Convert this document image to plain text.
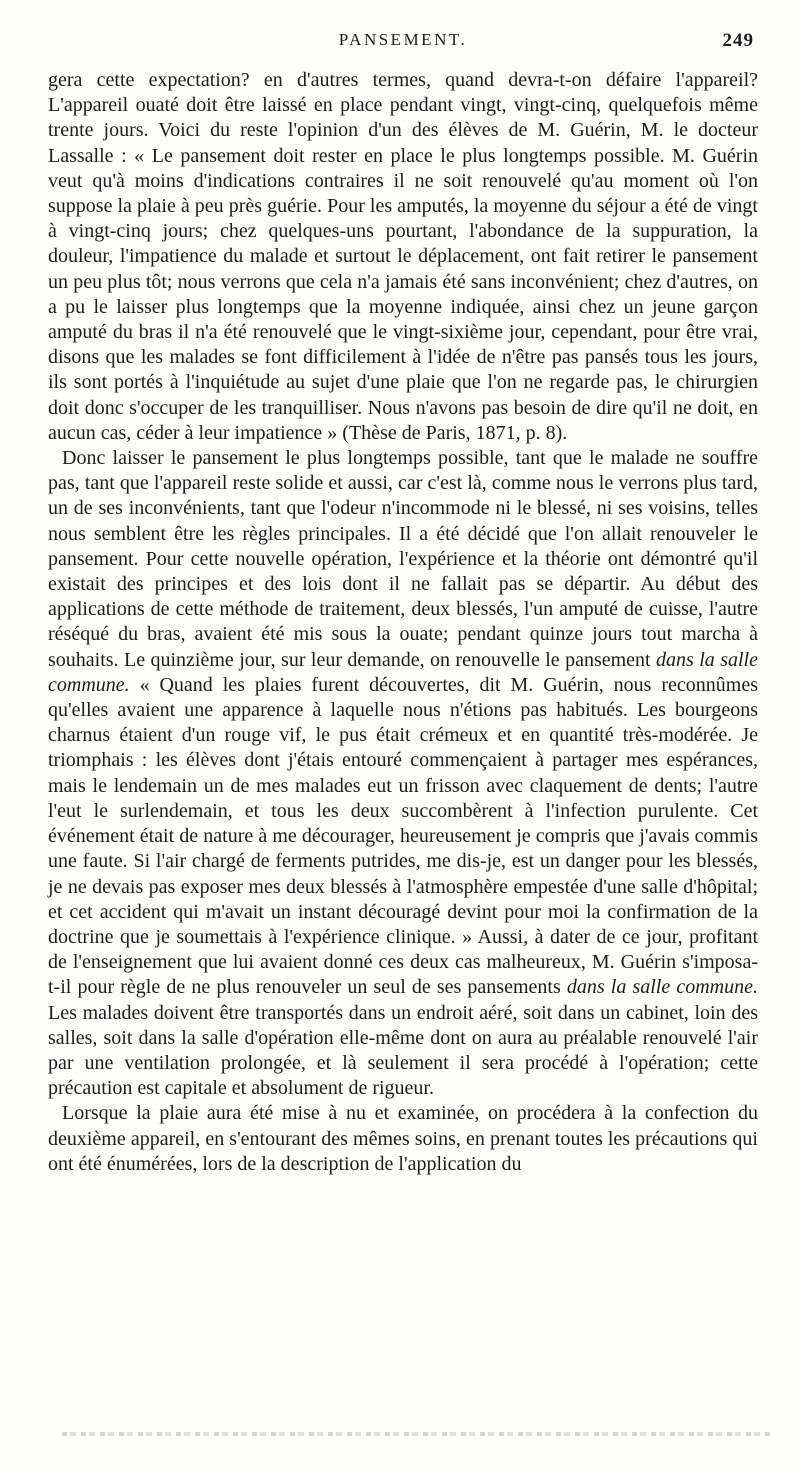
PANSEMENT.	249

gera cette expectation? en d'autres termes, quand devra-t-on défaire l'appareil? L'appareil ouaté doit être laissé en place pendant vingt, vingt-cinq, quelquefois même trente jours. Voici du reste l'opinion d'un des élèves de M. Guérin, M. le docteur Lassalle : « Le pansement doit rester en place le plus longtemps possible. M. Guérin veut qu'à moins d'indications contraires il ne soit renouvelé qu'au moment où l'on suppose la plaie à peu près guérie. Pour les amputés, la moyenne du séjour a été de vingt à vingt-cinq jours; chez quelques-uns pourtant, l'abondance de la suppuration, la douleur, l'impatience du malade et surtout le déplacement, ont fait retirer le pansement un peu plus tôt; nous verrons que cela n'a jamais été sans inconvénient; chez d'autres, on a pu le laisser plus longtemps que la moyenne indiquée, ainsi chez un jeune garçon amputé du bras il n'a été renouvelé que le vingt-sixième jour, cependant, pour être vrai, disons que les malades se font difficilement à l'idée de n'être pas pansés tous les jours, ils sont portés à l'inquiétude au sujet d'une plaie que l'on ne regarde pas, le chirurgien doit donc s'occuper de les tranquilliser. Nous n'avons pas besoin de dire qu'il ne doit, en aucun cas, céder à leur impatience » (Thèse de Paris, 1871, p. 8).

Donc laisser le pansement le plus longtemps possible, tant que le malade ne souffre pas, tant que l'appareil reste solide et aussi, car c'est là, comme nous le verrons plus tard, un de ses inconvénients, tant que l'odeur n'incommode ni le blessé, ni ses voisins, telles nous semblent être les règles principales. Il a été décidé que l'on allait renouveler le pansement. Pour cette nouvelle opération, l'expérience et la théorie ont démontré qu'il existait des principes et des lois dont il ne fallait pas se départir. Au début des applications de cette méthode de traitement, deux blessés, l'un amputé de cuisse, l'autre réséqué du bras, avaient été mis sous la ouate; pendant quinze jours tout marcha à souhaits. Le quinzième jour, sur leur demande, on renouvelle le pansement dans la salle commune. « Quand les plaies furent découvertes, dit M. Guérin, nous reconnûmes qu'elles avaient une apparence à laquelle nous n'étions pas habitués. Les bourgeons charnus étaient d'un rouge vif, le pus était crémeux et en quantité très-modérée. Je triomphais : les élèves dont j'étais entouré commençaient à partager mes espérances, mais le lendemain un de mes malades eut un frisson avec claquement de dents; l'autre l'eut le surlendemain, et tous les deux succombèrent à l'infection purulente. Cet événement était de nature à me décourager, heureusement je compris que j'avais commis une faute. Si l'air chargé de ferments putrides, me dis-je, est un danger pour les blessés, je ne devais pas exposer mes deux blessés à l'atmosphère empestée d'une salle d'hôpital; et cet accident qui m'avait un instant découragé devint pour moi la confirmation de la doctrine que je soumettais à l'expérience clinique. » Aussi, à dater de ce jour, profitant de l'enseignement que lui avaient donné ces deux cas malheureux, M. Guérin s'imposa-t-il pour règle de ne plus renouveler un seul de ses pansements dans la salle commune. Les malades doivent être transportés dans un endroit aéré, soit dans un cabinet, loin des salles, soit dans la salle d'opération elle-même dont on aura au préalable renouvelé l'air par une ventilation prolongée, et là seulement il sera procédé à l'opération; cette précaution est capitale et absolument de rigueur.

Lorsque la plaie aura été mise à nu et examinée, on procédera à la confection du deuxième appareil, en s'entourant des mêmes soins, en prenant toutes les précautions qui ont été énumérées, lors de la description de l'application du
